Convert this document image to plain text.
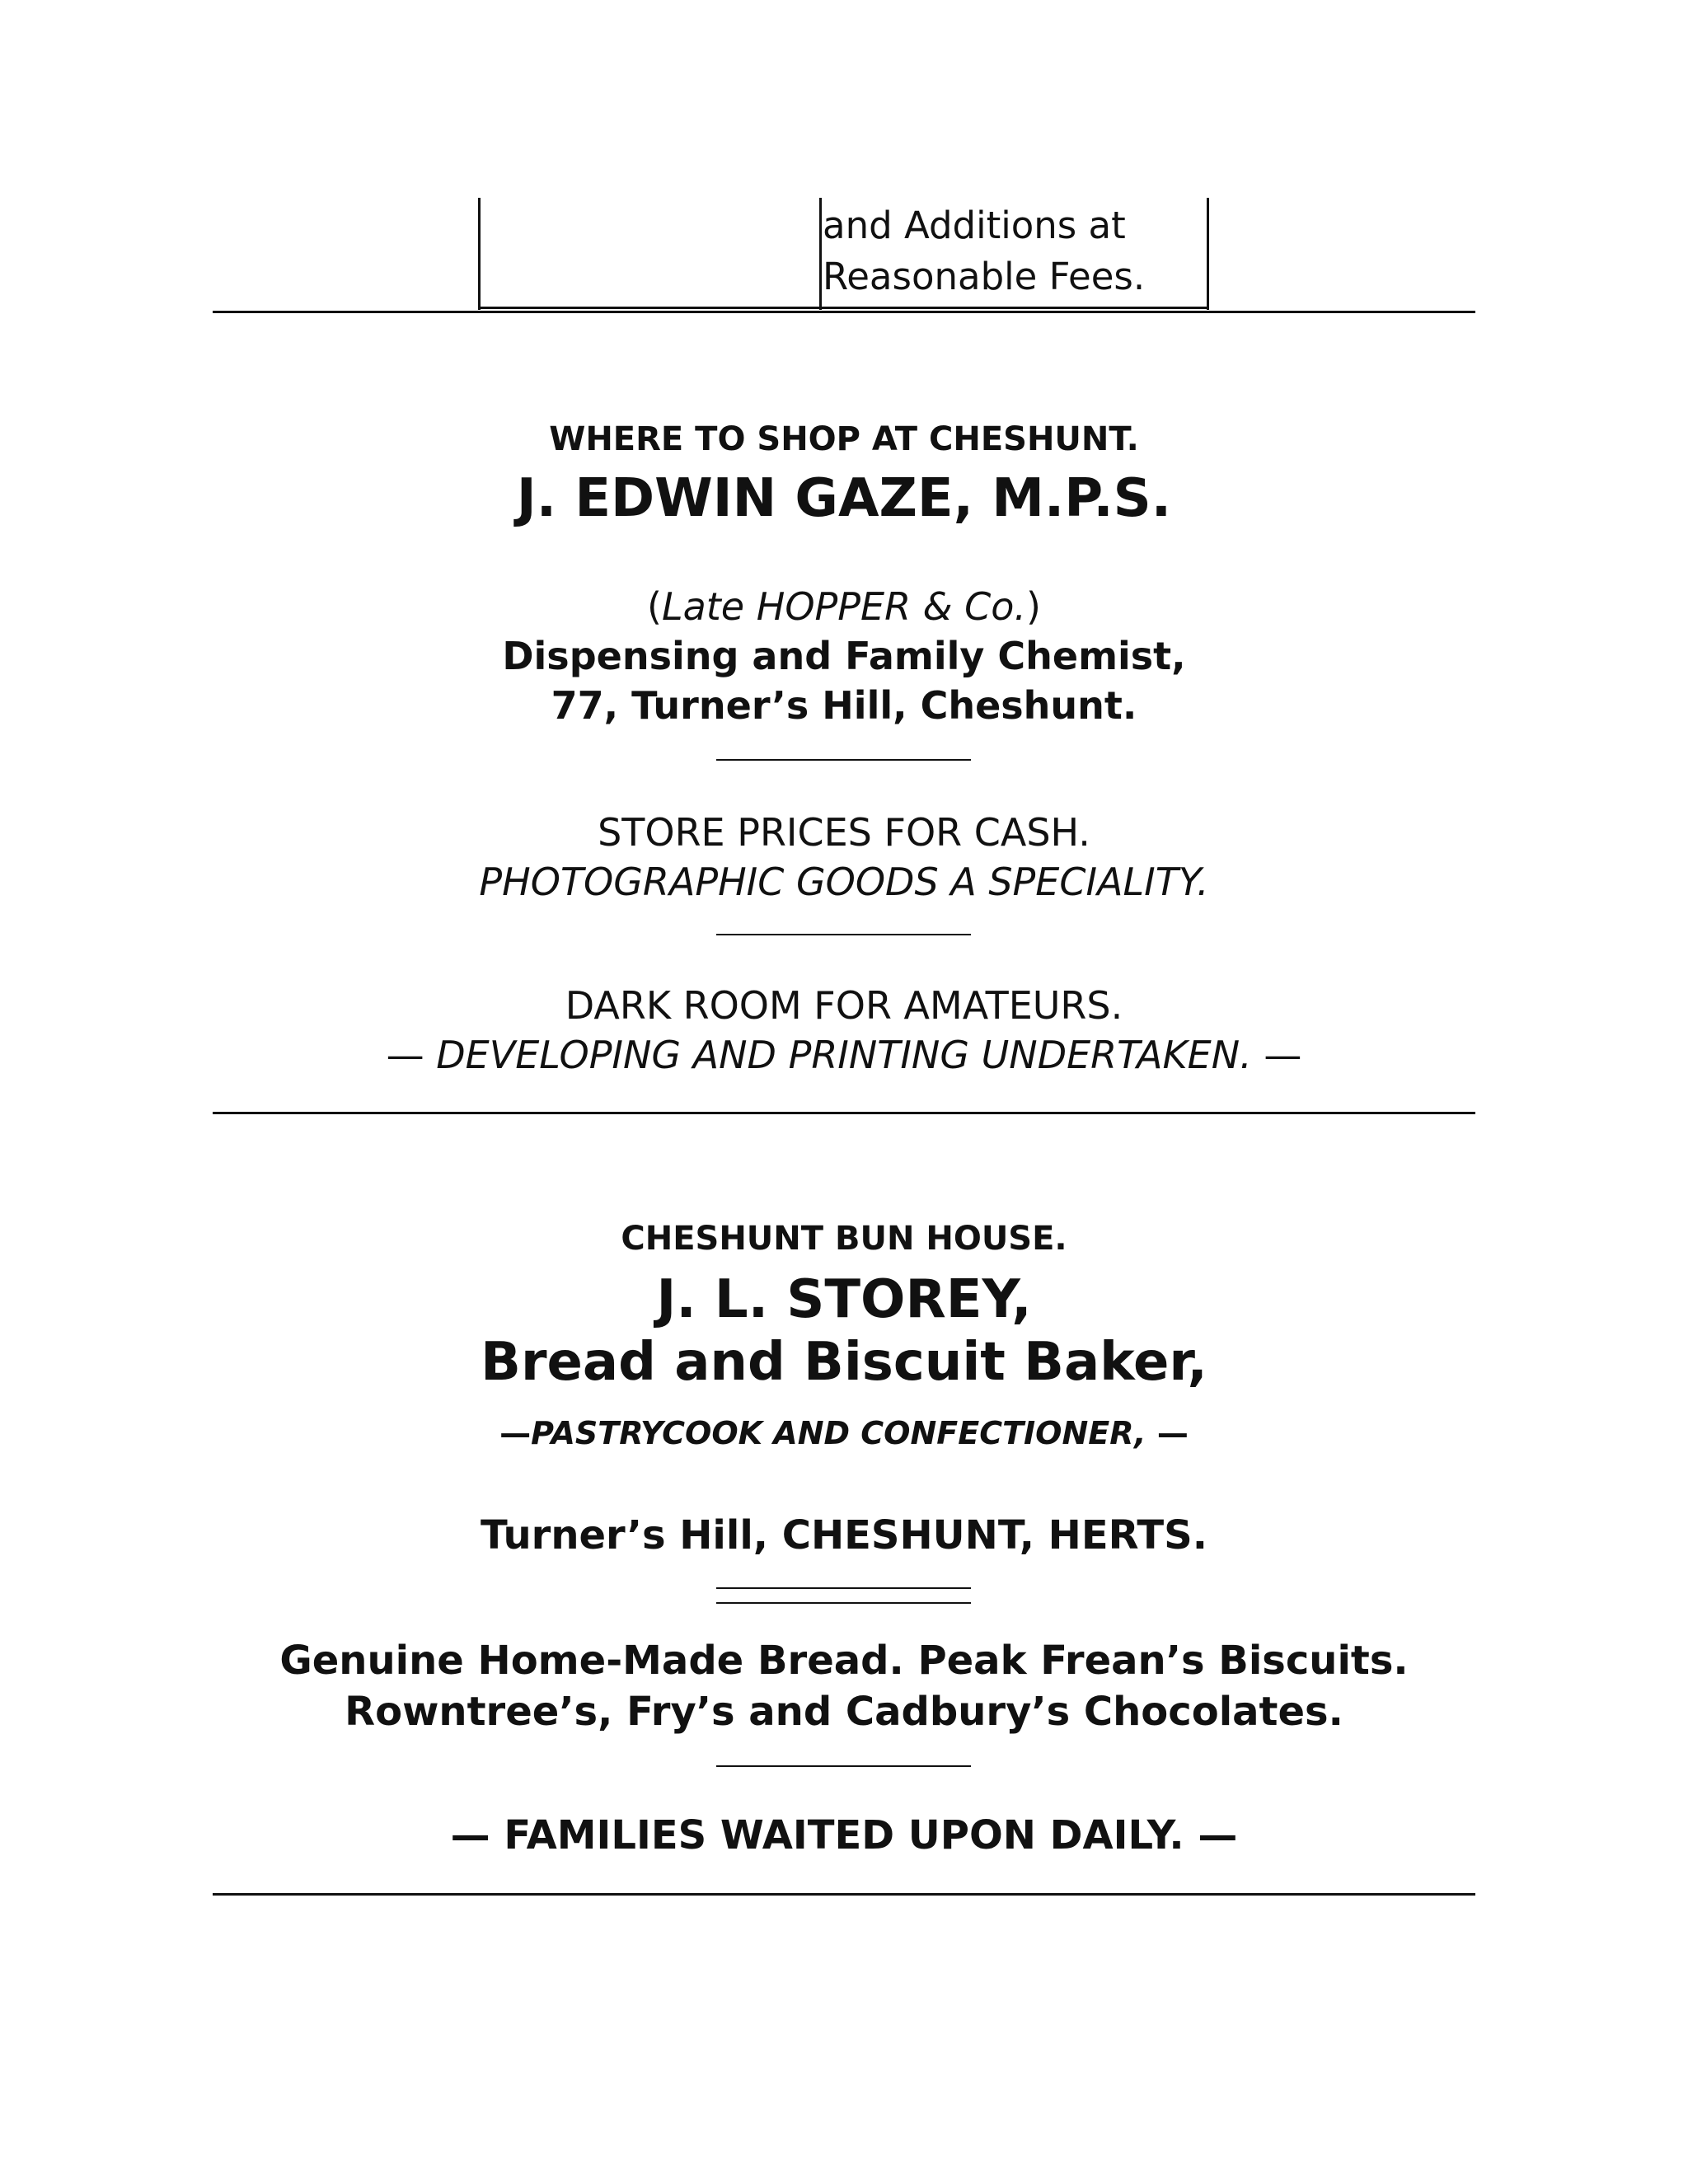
and Additions at
Reasonable Fees.
WHERE TO SHOP AT CHESHUNT.
J. EDWIN GAZE, M.P.S.
(Late HOPPER & Co.)
Dispensing and Family Chemist,
77, Turner’s Hill, Cheshunt.
STORE PRICES FOR CASH.
PHOTOGRAPHIC GOODS A SPECIALITY.
DARK ROOM FOR AMATEURS.
— DEVELOPING AND PRINTING UNDERTAKEN. —
CHESHUNT BUN HOUSE.
J. L. STOREY,
Bread and Biscuit Baker,
—PASTRYCOOK AND CONFECTIONER, —
Turner’s Hill, CHESHUNT, HERTS.
Genuine Home-Made Bread. Peak Frean’s Biscuits.
Rowntree’s, Fry’s and Cadbury’s Chocolates.
— FAMILIES WAITED UPON DAILY. —
